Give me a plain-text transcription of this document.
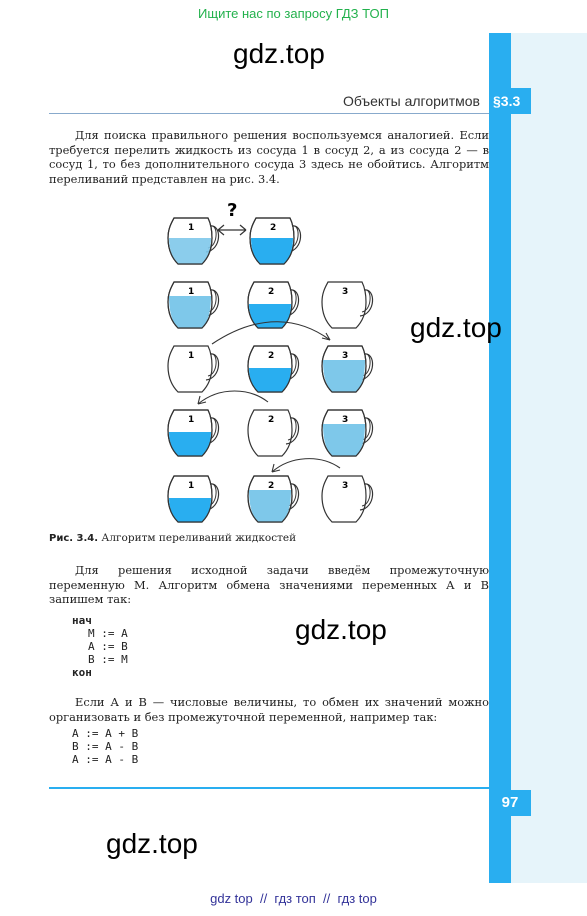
Ищите нас по запросу ГДЗ ТОП
§3.3
gdz.top
Объекты алгоритмов
Для поиска правильного решения воспользуемся аналогией. Если требуется перелить жидкость из сосуда 1 в сосуд 2, а из сосуда 2 — в сосуд 1, то без дополнительного сосуда 3 здесь не обойтись. Алгоритм переливаний представлен на рис. 3.4.
1
?
2
1	2	3
1	2	3
1	2	3
1	2	3
gdz.top
Рис. 3.4. Алгоритм переливаний жидкостей
Для решения исходной задачи введём промежуточную переменную М. Алгоритм обмена значениями переменных А и В запишем так:
нач
М := А
А := В
В := М
кон
gdz.top
Если А и В — числовые величины, то обмен их значений можно организовать и без промежуточной переменной, например так:
А := А + В
В := А - В
А := А - В
97
gdz.top
gdz top  //  гдз топ  //  гдз top
